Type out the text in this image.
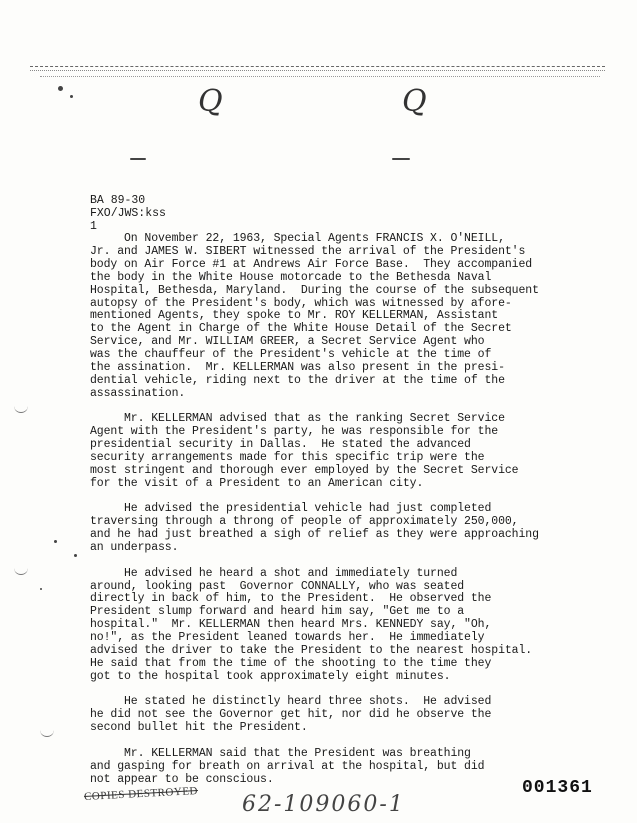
Q	Q
BA 89-30
FXO/JWS:kss
1
On November 22, 1963, Special Agents FRANCIS X. O'NEILL,
Jr. and JAMES W. SIBERT witnessed the arrival of the President's
body on Air Force #1 at Andrews Air Force Base.  They accompanied
the body in the White House motorcade to the Bethesda Naval
Hospital, Bethesda, Maryland.  During the course of the subsequent
autopsy of the President's body, which was witnessed by afore-
mentioned Agents, they spoke to Mr. ROY KELLERMAN, Assistant
to the Agent in Charge of the White House Detail of the Secret
Service, and Mr. WILLIAM GREER, a Secret Service Agent who
was the chauffeur of the President's vehicle at the time of
the assination.  Mr. KELLERMAN was also present in the presi-
dential vehicle, riding next to the driver at the time of the
assassination.
Mr. KELLERMAN advised that as the ranking Secret Service
Agent with the President's party, he was responsible for the
presidential security in Dallas.  He stated the advanced
security arrangements made for this specific trip were the
most stringent and thorough ever employed by the Secret Service
for the visit of a President to an American city.
He advised the presidential vehicle had just completed
traversing through a throng of people of approximately 250,000,
and he had just breathed a sigh of relief as they were approaching
an underpass.
He advised he heard a shot and immediately turned
around, looking past  Governor CONNALLY, who was seated
directly in back of him, to the President.  He observed the
President slump forward and heard him say, "Get me to a
hospital."  Mr. KELLERMAN then heard Mrs. KENNEDY say, "Oh,
no!", as the President leaned towards her.  He immediately
advised the driver to take the President to the nearest hospital.
He said that from the time of the shooting to the time they
got to the hospital took approximately eight minutes.
He stated he distinctly heard three shots.  He advised
he did not see the Governor get hit, nor did he observe the
second bullet hit the President.
Mr. KELLERMAN said that the President was breathing
and gasping for breath on arrival at the hospital, but did
not appear to be conscious.
COPIES DESTROYED 62-109060-1
001361
